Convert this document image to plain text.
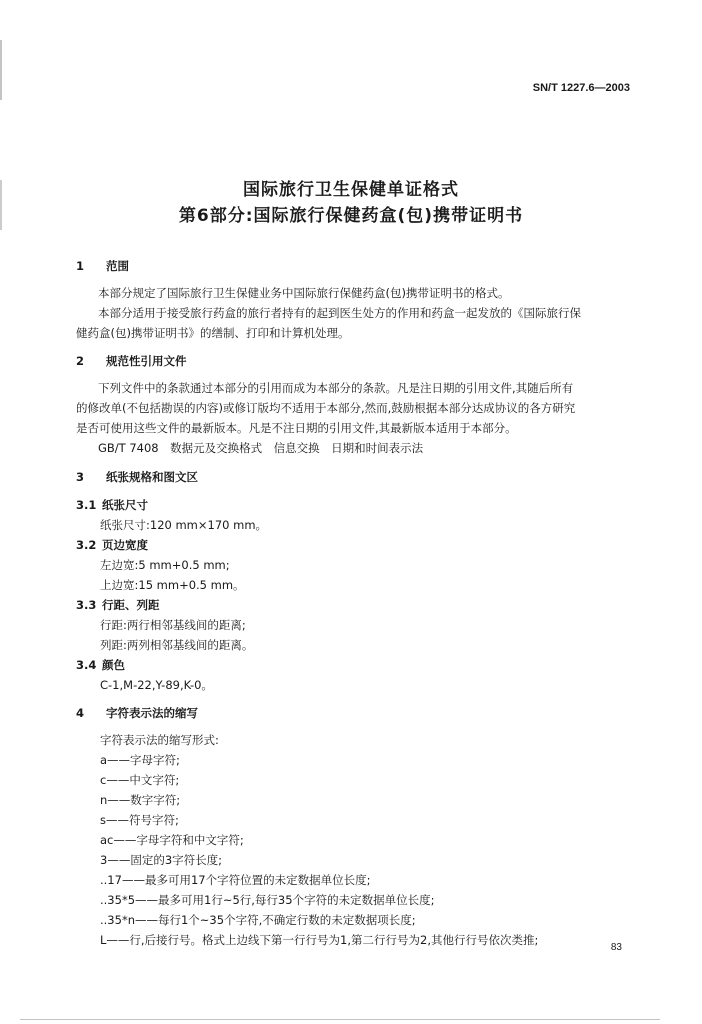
SN/T 1227.6—2003
国际旅行卫生保健单证格式
第6部分:国际旅行保健药盒(包)携带证明书
1 范围
本部分规定了国际旅行卫生保健业务中国际旅行保健药盒(包)携带证明书的格式。
本部分适用于接受旅行药盒的旅行者持有的起到医生处方的作用和药盒一起发放的《国际旅行保
健药盒(包)携带证明书》的缮制、打印和计算机处理。
2 规范性引用文件
下列文件中的条款通过本部分的引用而成为本部分的条款。凡是注日期的引用文件,其随后所有
的修改单(不包括勘误的内容)或修订版均不适用于本部分,然而,鼓励根据本部分达成协议的各方研究
是否可使用这些文件的最新版本。凡是不注日期的引用文件,其最新版本适用于本部分。
GB/T 7408　数据元及交换格式　信息交换　日期和时间表示法
3 纸张规格和图文区
3.1 纸张尺寸
纸张尺寸:120 mm×170 mm。
3.2 页边宽度
左边宽:5 mm+0.5 mm;
上边宽:15 mm+0.5 mm。
3.3 行距、列距
行距:两行相邻基线间的距离;
列距:两列相邻基线间的距离。
3.4 颜色
C-1,M-22,Y-89,K-0。
4 字符表示法的缩写
字符表示法的缩写形式:
a——字母字符;
c——中文字符;
n——数字字符;
s——符号字符;
ac——字母字符和中文字符;
3——固定的3字符长度;
..17——最多可用17个字符位置的未定数据单位长度;
..35*5——最多可用1行~5行,每行35个字符的未定数据单位长度;
..35*n——每行1个~35个字符,不确定行数的未定数据项长度;
L——行,后接行号。格式上边线下第一行行号为1,第二行行号为2,其他行行号依次类推;
83
